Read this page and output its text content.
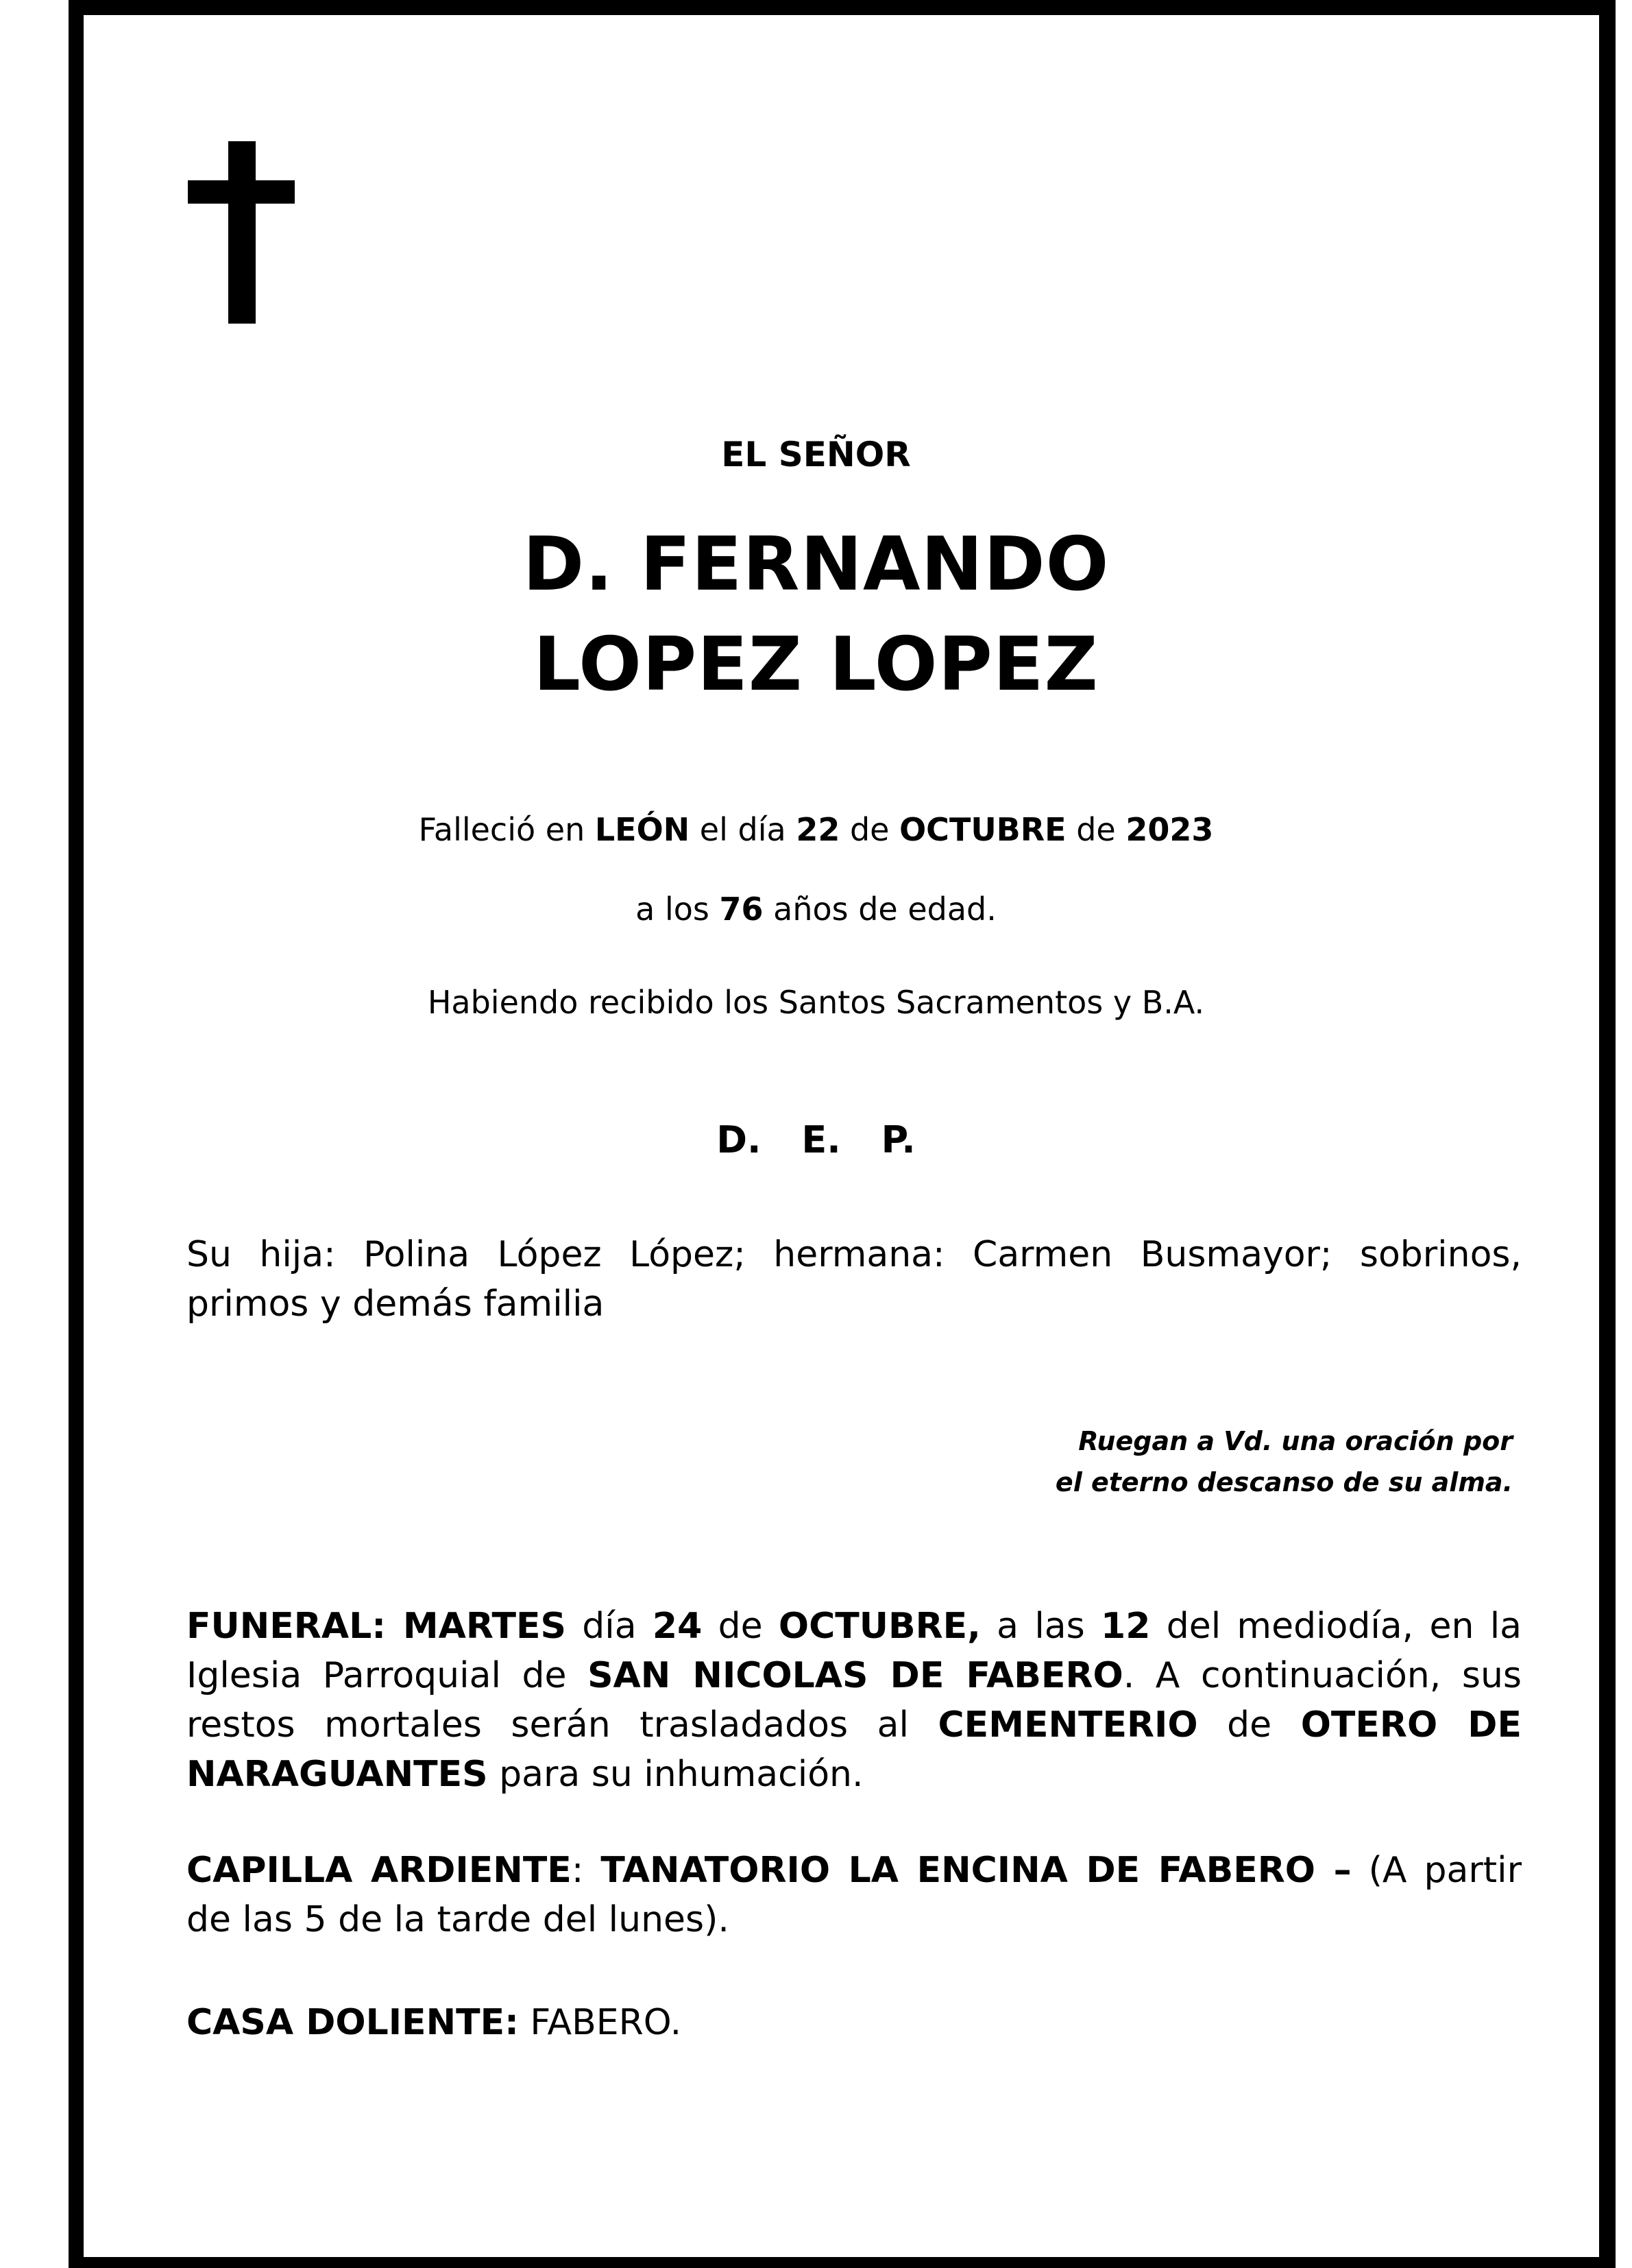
EL SEÑOR
D. FERNANDO
LOPEZ LOPEZ
Falleció en LEÓN el día 22 de OCTUBRE de 2023
a los 76 años de edad.
Habiendo recibido los Santos Sacramentos y B.A.
D. E. P.
Su hija: Polina López López; hermana: Carmen Busmayor; sobrinos, primos y demás familia
Ruegan a Vd. una oración por
el eterno descanso de su alma.
FUNERAL: MARTES día 24 de OCTUBRE, a las 12 del mediodía, en la Iglesia Parroquial de SAN NICOLAS DE FABERO. A continuación, sus restos mortales serán trasladados al CEMENTERIO de OTERO DE NARAGUANTES para su inhumación.
CAPILLA ARDIENTE: TANATORIO LA ENCINA DE FABERO – (A partir de las 5 de la tarde del lunes).
CASA DOLIENTE: FABERO.
